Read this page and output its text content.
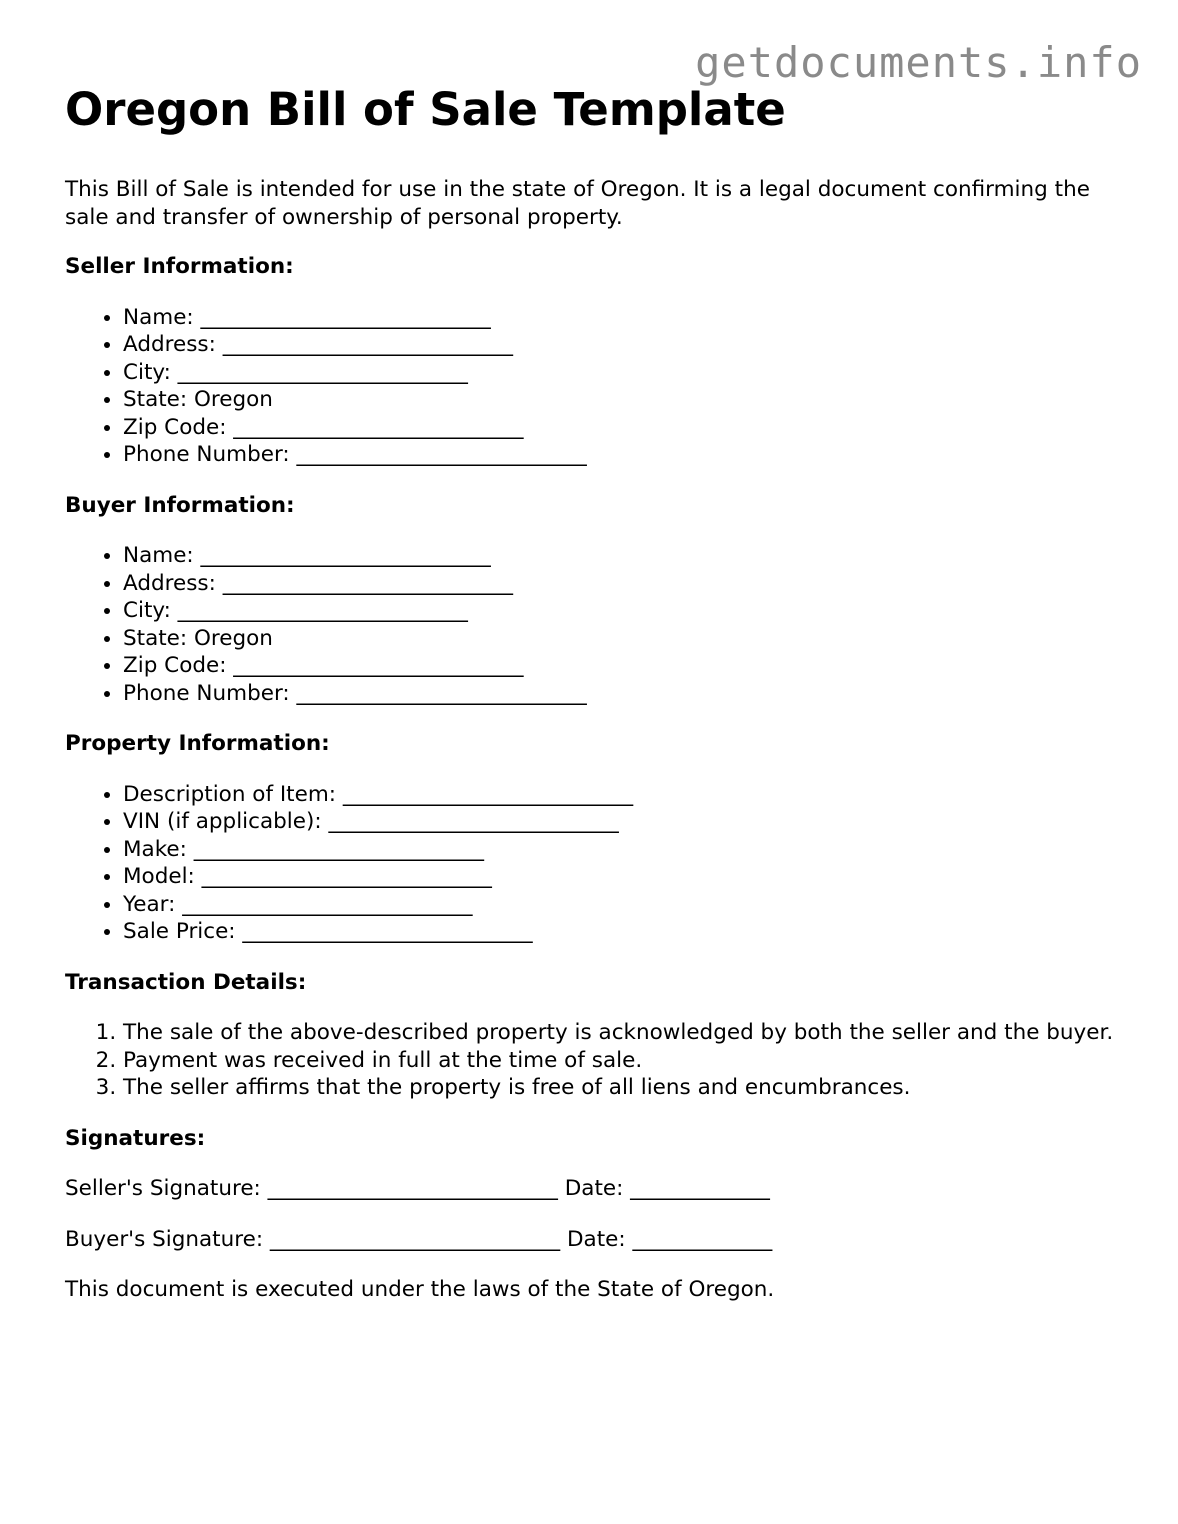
getdocuments.info
Oregon Bill of Sale Template

This Bill of Sale is intended for use in the state of Oregon. It is a legal document confirming the sale and transfer of ownership of personal property.

Seller Information:
• Name: ___________________________
• Address: ___________________________
• City: ___________________________
• State: Oregon
• Zip Code: ___________________________
• Phone Number: ___________________________
Buyer Information:
• Name: ___________________________
• Address: ___________________________
• City: ___________________________
• State: Oregon
• Zip Code: ___________________________
• Phone Number: ___________________________
Property Information:
• Description of Item: ___________________________
• VIN (if applicable): ___________________________
• Make: ___________________________
• Model: ___________________________
• Year: ___________________________
• Sale Price: ___________________________
Transaction Details:
1. The sale of the above-described property is acknowledged by both the seller and the buyer.
2. Payment was received in full at the time of sale.
3. The seller affirms that the property is free of all liens and encumbrances.
Signatures:

Seller's Signature: ___________________________ Date: _____________

Buyer's Signature: ___________________________ Date: _____________

This document is executed under the laws of the State of Oregon.
